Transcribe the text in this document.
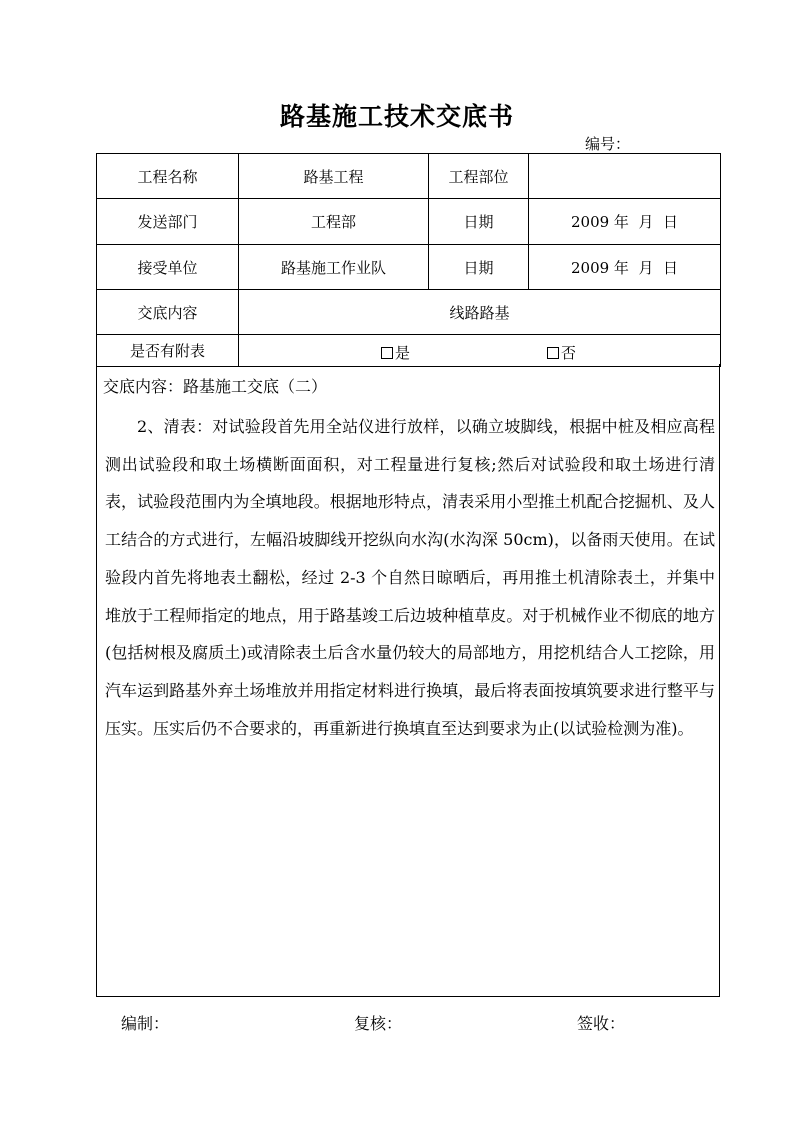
路基施工技术交底书
编号：
工程名称	路基工程	工程部位	
发送部门	工程部	日期	2009 年  月  日
接受单位	路基施工作业队	日期	2009 年  月  日
交底内容	线路路基		
是否有附表	是 否		
交底内容：路基施工交底（二）

2、清表：对试验段首先用全站仪进行放样，以确立坡脚线，根据中桩及相应高程测出试验段和取土场横断面面积，对工程量进行复核;然后对试验段和取土场进行清表，试验段范围内为全填地段。根据地形特点，清表采用小型推土机配合挖掘机、及人工结合的方式进行，左幅沿坡脚线开挖纵向水沟(水沟深 50cm)，以备雨天使用。在试验段内首先将地表土翻松，经过 2-3 个自然日晾晒后，再用推土机清除表土，并集中堆放于工程师指定的地点，用于路基竣工后边坡种植草皮。对于机械作业不彻底的地方(包括树根及腐质土)或清除表土后含水量仍较大的局部地方，用挖机结合人工挖除，用汽车运到路基外弃土场堆放并用指定材料进行换填，最后将表面按填筑要求进行整平与压实。压实后仍不合要求的，再重新进行换填直至达到要求为止(以试验检测为准)。

编制：	复核：	签收：
